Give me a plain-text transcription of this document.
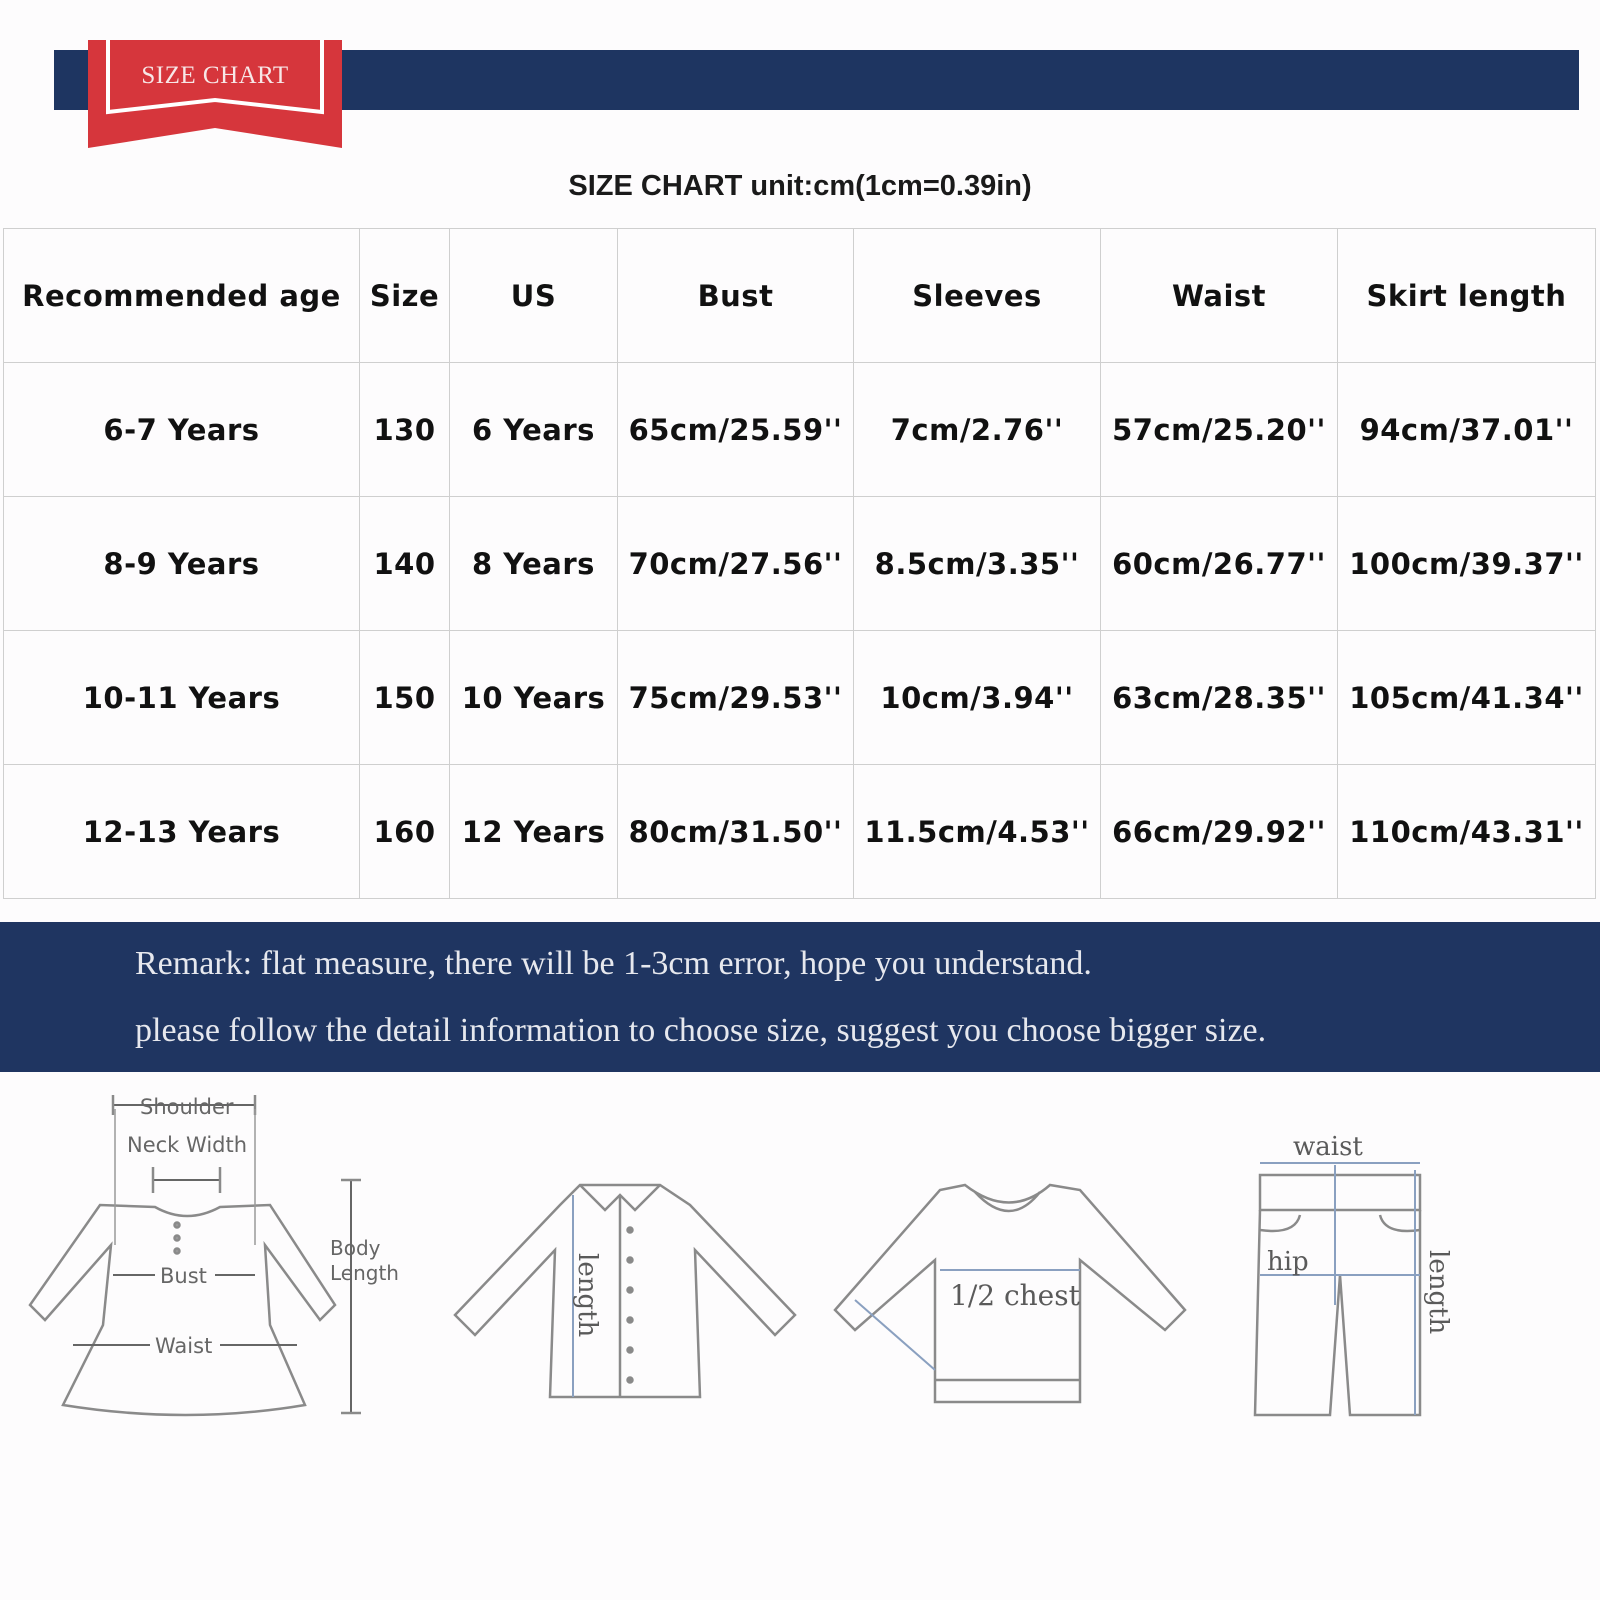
SIZE CHART
SIZE CHART unit:cm(1cm=0.39in)
Recommended age	Size	US	Bust	Sleeves	Waist	Skirt length
6-7 Years	130	6 Years	65cm/25.59''	7cm/2.76''	57cm/25.20''	94cm/37.01''
8-9 Years	140	8 Years	70cm/27.56''	8.5cm/3.35''	60cm/26.77''	100cm/39.37''
10-11 Years	150	10 Years	75cm/29.53''	10cm/3.94''	63cm/28.35''	105cm/41.34''
12-13 Years	160	12 Years	80cm/31.50''	11.5cm/4.53''	66cm/29.92''	110cm/43.31''
Remark: flat measure, there will be 1-3cm error, hope you understand.
please follow the detail information to choose size, suggest you choose bigger size.
Shoulder
Neck Width
Bust
Waist
Body
Length	length	1/2 chest
waist
hip	length
